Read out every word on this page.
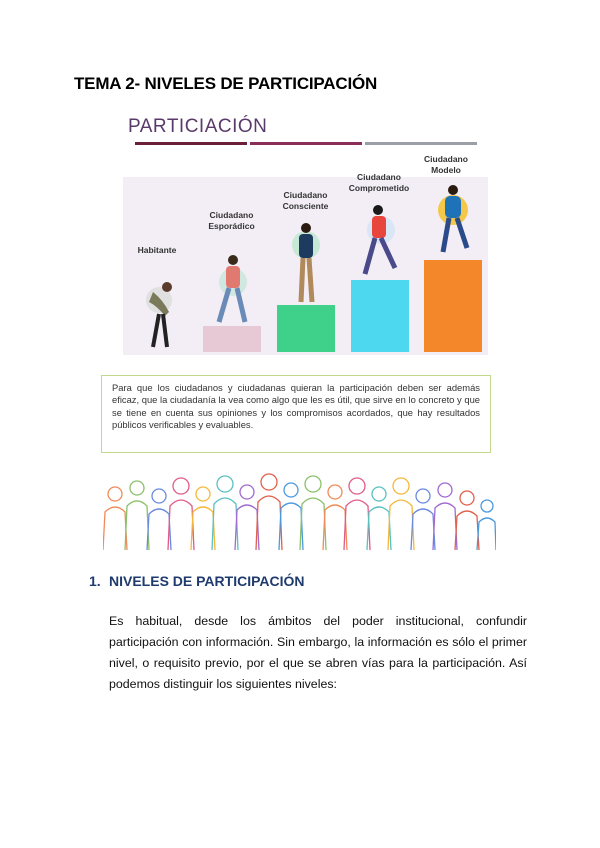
TEMA 2- NIVELES DE PARTICIPACIÓN
PARTICIACIÓN
Habitante
Ciudadano
Esporádico
Ciudadano
Consciente
Ciudadano
Comprometido
Ciudadano
Modelo

Para que los ciudadanos y ciudadanas quieran la participación deben ser además eficaz, que la ciudadanía la vea como algo que les es útil, que sirve en lo concreto y que se tiene en cuenta sus opiniones y los compromisos acordados, que hay resultados públicos verificables y evaluables.

1. NIVELES DE PARTICIPACIÓN

Es habitual, desde los ámbitos del poder institucional, confundir participación con información. Sin embargo, la información es sólo el primer nivel, o requisito previo, por el que se abren vías para la participación. Así podemos distinguir los siguientes niveles:
